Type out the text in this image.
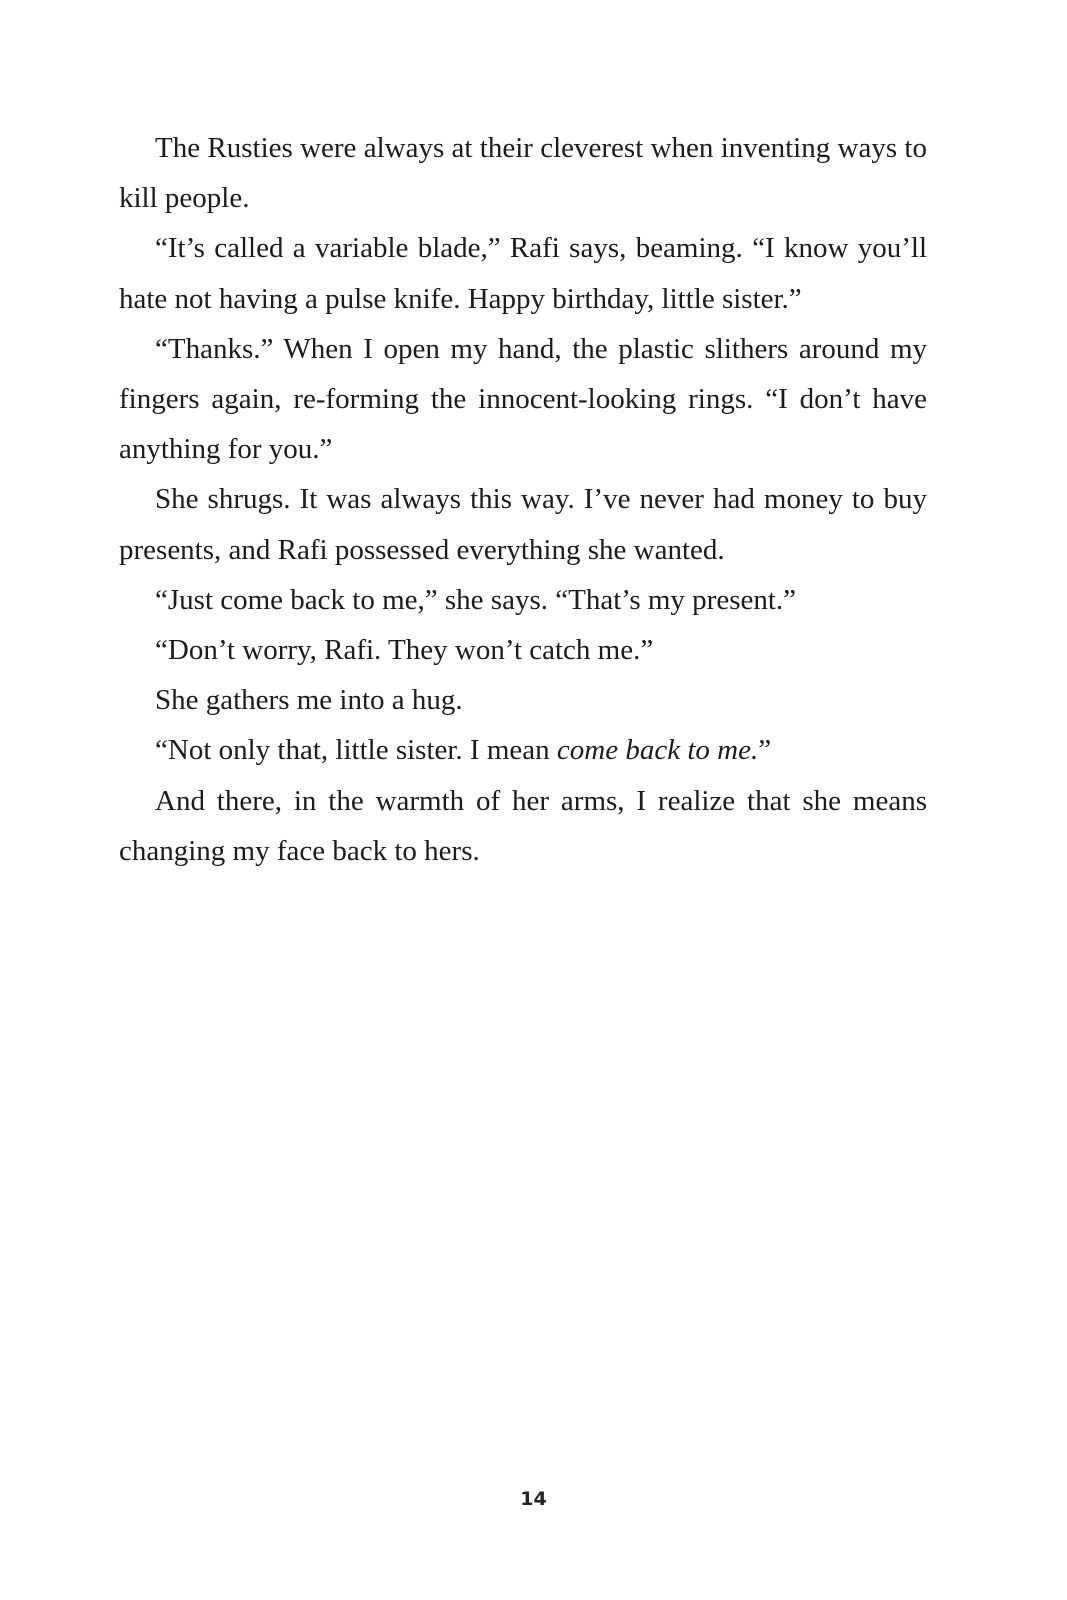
The Rusties were always at their cleverest when inventing ways to kill people.

“It’s called a variable blade,” Rafi says, beaming. “I know you’ll hate not having a pulse knife. Happy birthday, little sister.”

“Thanks.” When I open my hand, the plastic slithers around my fingers again, re-forming the innocent-looking rings. “I don’t have anything for you.”

She shrugs. It was always this way. I’ve never had money to buy presents, and Rafi possessed everything she wanted.

“Just come back to me,” she says. “That’s my present.”

“Don’t worry, Rafi. They won’t catch me.”

She gathers me into a hug.

“Not only that, little sister. I mean come back to me.”

And there, in the warmth of her arms, I realize that she means changing my face back to hers.

14
